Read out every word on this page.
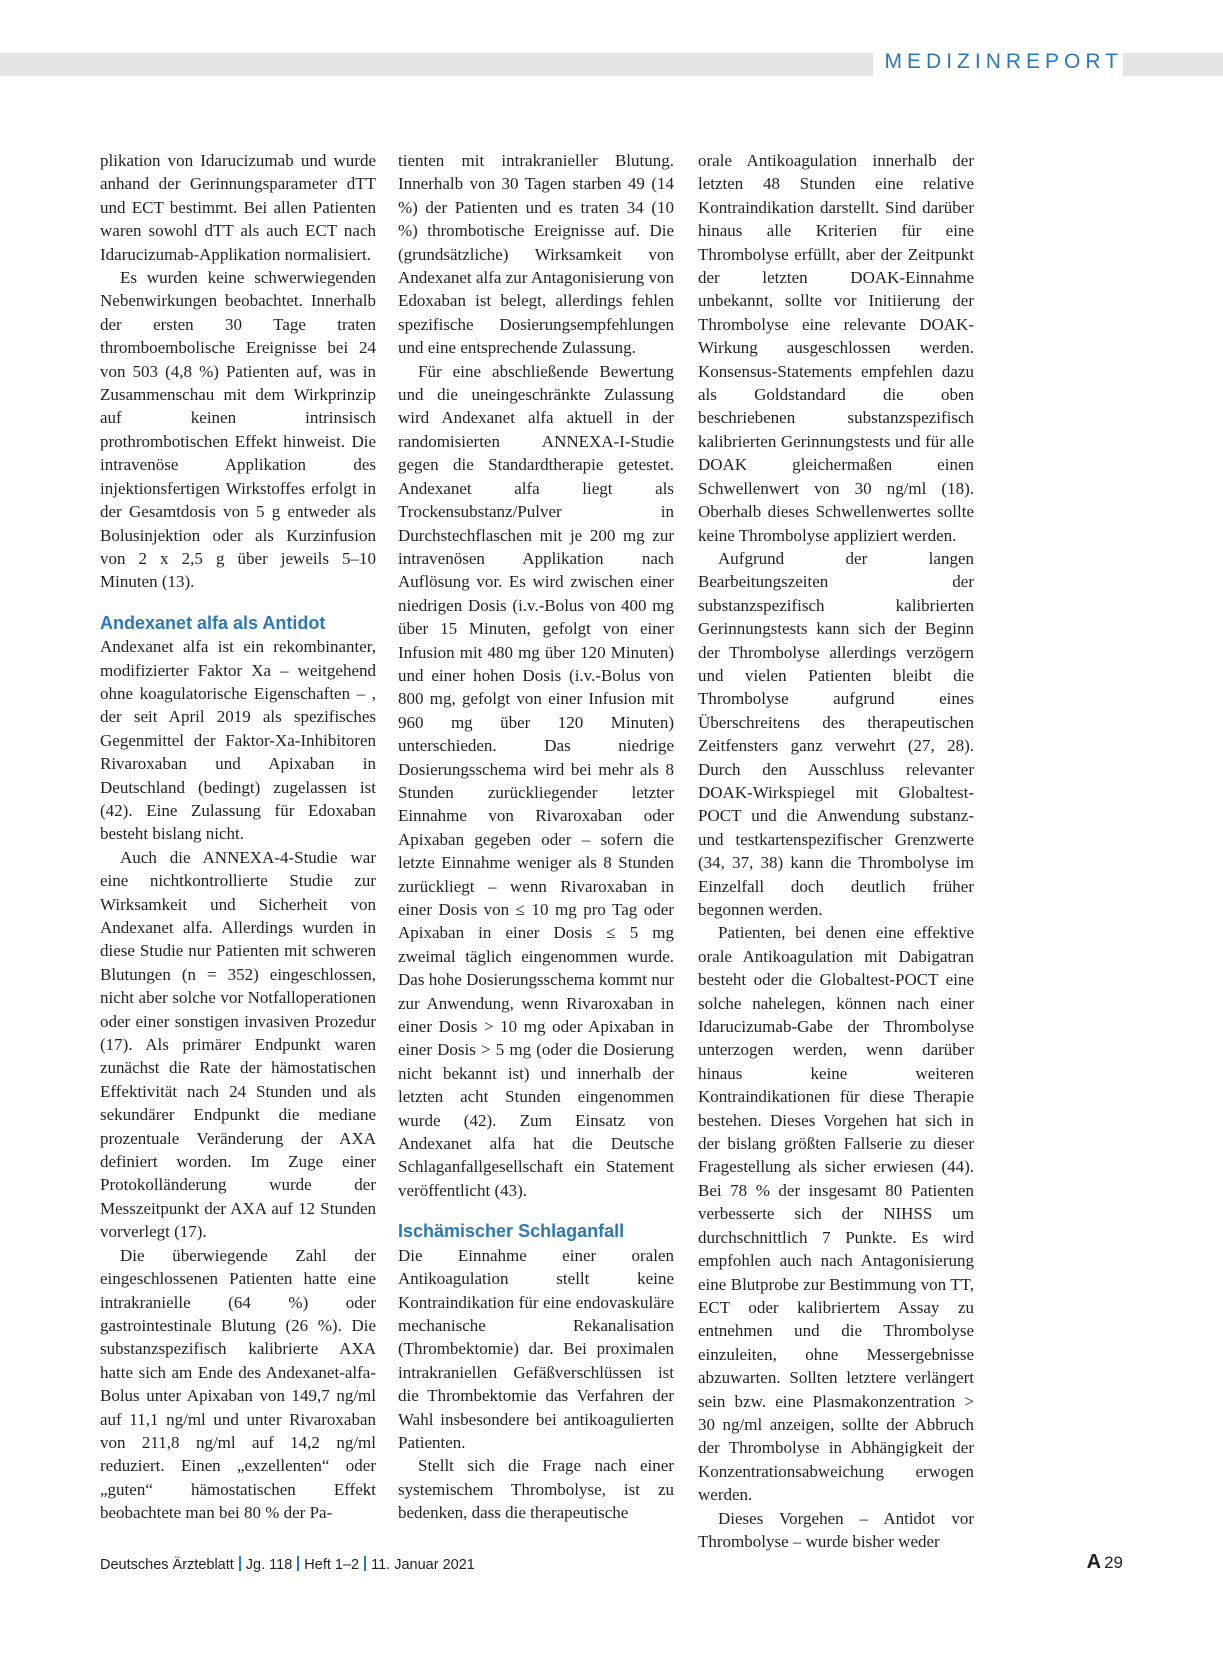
MEDIZINREPORT

plikation von Idarucizumab und wurde anhand der Gerinnungsparameter dTT und ECT bestimmt. Bei allen Patienten waren sowohl dTT als auch ECT nach Idarucizumab-Applikation normalisiert.

Es wurden keine schwerwiegenden Nebenwirkungen beobachtet. Innerhalb der ersten 30 Tage traten thromboembolische Ereignisse bei 24 von 503 (4,8 %) Patienten auf, was in Zusammenschau mit dem Wirkprinzip auf keinen intrinsisch prothrombotischen Effekt hinweist. Die intravenöse Applikation des injektionsfertigen Wirkstoffes erfolgt in der Gesamtdosis von 5 g entweder als Bolusinjektion oder als Kurzinfusion von 2 x 2,5 g über jeweils 5–10 Minuten (13).

Andexanet alfa als Antidot

Andexanet alfa ist ein rekombinanter, modifizierter Faktor Xa – weitgehend ohne koagulatorische Eigenschaften – , der seit April 2019 als spezifisches Gegenmittel der Faktor-Xa-Inhibitoren Rivaroxaban und Apixaban in Deutschland (bedingt) zugelassen ist (42). Eine Zulassung für Edoxaban besteht bislang nicht.

Auch die ANNEXA-4-Studie war eine nichtkontrollierte Studie zur Wirksamkeit und Sicherheit von Andexanet alfa. Allerdings wurden in diese Studie nur Patienten mit schweren Blutungen (n = 352) eingeschlossen, nicht aber solche vor Notfalloperationen oder einer sonstigen invasiven Prozedur (17). Als primärer Endpunkt waren zunächst die Rate der hämostatischen Effektivität nach 24 Stunden und als sekundärer Endpunkt die mediane prozentuale Veränderung der AXA definiert worden. Im Zuge einer Protokolländerung wurde der Messzeitpunkt der AXA auf 12 Stunden vorverlegt (17).

Die überwiegende Zahl der eingeschlossenen Patienten hatte eine intrakranielle (64 %) oder gastrointestinale Blutung (26 %). Die substanzspezifisch kalibrierte AXA hatte sich am Ende des Andexanet-alfa-Bolus unter Apixaban von 149,7 ng/ml auf 11,1 ng/ml und unter Rivaroxaban von 211,8 ng/ml auf 14,2 ng/ml reduziert. Einen „exzellenten“ oder „guten“ hämostatischen Effekt beobachtete man bei 80 % der Pa-

tienten mit intrakranieller Blutung. Innerhalb von 30 Tagen starben 49 (14 %) der Patienten und es traten 34 (10 %) thrombotische Ereignisse auf. Die (grundsätzliche) Wirksamkeit von Andexanet alfa zur Antagonisierung von Edoxaban ist belegt, allerdings fehlen spezifische Dosierungsempfehlungen und eine entsprechende Zulassung.

Für eine abschließende Bewertung und die uneingeschränkte Zulassung wird Andexanet alfa aktuell in der randomisierten ANNEXA-I-Studie gegen die Standardtherapie getestet. Andexanet alfa liegt als Trockensubstanz/Pulver in Durchstechflaschen mit je 200 mg zur intravenösen Applikation nach Auflösung vor. Es wird zwischen einer niedrigen Dosis (i.v.-Bolus von 400 mg über 15 Minuten, gefolgt von einer Infusion mit 480 mg über 120 Minuten) und einer hohen Dosis (i.v.-Bolus von 800 mg, gefolgt von einer Infusion mit 960 mg über 120 Minuten) unterschieden. Das niedrige Dosierungsschema wird bei mehr als 8 Stunden zurückliegender letzter Einnahme von Rivaroxaban oder Apixaban gegeben oder – sofern die letzte Einnahme weniger als 8 Stunden zurückliegt – wenn Rivaroxaban in einer Dosis von ≤ 10 mg pro Tag oder Apixaban in einer Dosis ≤ 5 mg zweimal täglich eingenommen wurde. Das hohe Dosierungsschema kommt nur zur Anwendung, wenn Rivaroxaban in einer Dosis > 10 mg oder Apixaban in einer Dosis > 5 mg (oder die Dosierung nicht bekannt ist) und innerhalb der letzten acht Stunden eingenommen wurde (42). Zum Einsatz von Andexanet alfa hat die Deutsche Schlaganfallgesellschaft ein Statement veröffentlicht (43).

Ischämischer Schlaganfall

Die Einnahme einer oralen Antikoagulation stellt keine Kontraindikation für eine endovaskuläre mechanische Rekanalisation (Thrombektomie) dar. Bei proximalen intrakraniellen Gefäßverschlüssen ist die Thrombektomie das Verfahren der Wahl insbesondere bei antikoagulierten Patienten.

Stellt sich die Frage nach einer systemischem Thrombolyse, ist zu bedenken, dass die therapeutische

orale Antikoagulation innerhalb der letzten 48 Stunden eine relative Kontraindikation darstellt. Sind darüber hinaus alle Kriterien für eine Thrombolyse erfüllt, aber der Zeitpunkt der letzten DOAK-Einnahme unbekannt, sollte vor Initiierung der Thrombolyse eine relevante DOAK-Wirkung ausgeschlossen werden. Konsensus-Statements empfehlen dazu als Goldstandard die oben beschriebenen substanzspezifisch kalibrierten Gerinnungstests und für alle DOAK gleichermaßen einen Schwellenwert von 30 ng/ml (18). Oberhalb dieses Schwellenwertes sollte keine Thrombolyse appliziert werden.

Aufgrund der langen Bearbeitungszeiten der substanzspezifisch kalibrierten Gerinnungstests kann sich der Beginn der Thrombolyse allerdings verzögern und vielen Patienten bleibt die Thrombolyse aufgrund eines Überschreitens des therapeutischen Zeitfensters ganz verwehrt (27, 28). Durch den Ausschluss relevanter DOAK-Wirkspiegel mit Globaltest-POCT und die Anwendung substanz- und testkartenspezifischer Grenzwerte (34, 37, 38) kann die Thrombolyse im Einzelfall doch deutlich früher begonnen werden.

Patienten, bei denen eine effektive orale Antikoagulation mit Dabigatran besteht oder die Globaltest-POCT eine solche nahelegen, können nach einer Idarucizumab-Gabe der Thrombolyse unterzogen werden, wenn darüber hinaus keine weiteren Kontraindikationen für diese Therapie bestehen. Dieses Vorgehen hat sich in der bislang größten Fallserie zu dieser Fragestellung als sicher erwiesen (44). Bei 78 % der insgesamt 80 Patienten verbesserte sich der NIHSS um durchschnittlich 7 Punkte. Es wird empfohlen auch nach Antagonisierung eine Blutprobe zur Bestimmung von TT, ECT oder kalibriertem Assay zu entnehmen und die Thrombolyse einzuleiten, ohne Messergebnisse abzuwarten. Sollten letztere verlängert sein bzw. eine Plasmakonzentration > 30 ng/ml anzeigen, sollte der Abbruch der Thrombolyse in Abhängigkeit der Konzentrationsabweichung erwogen werden.

Dieses Vorgehen – Antidot vor Thrombolyse – wurde bisher weder

Deutsches Ärzteblatt Jg. 118 Heft 1–2 11. Januar 2021	A 29
